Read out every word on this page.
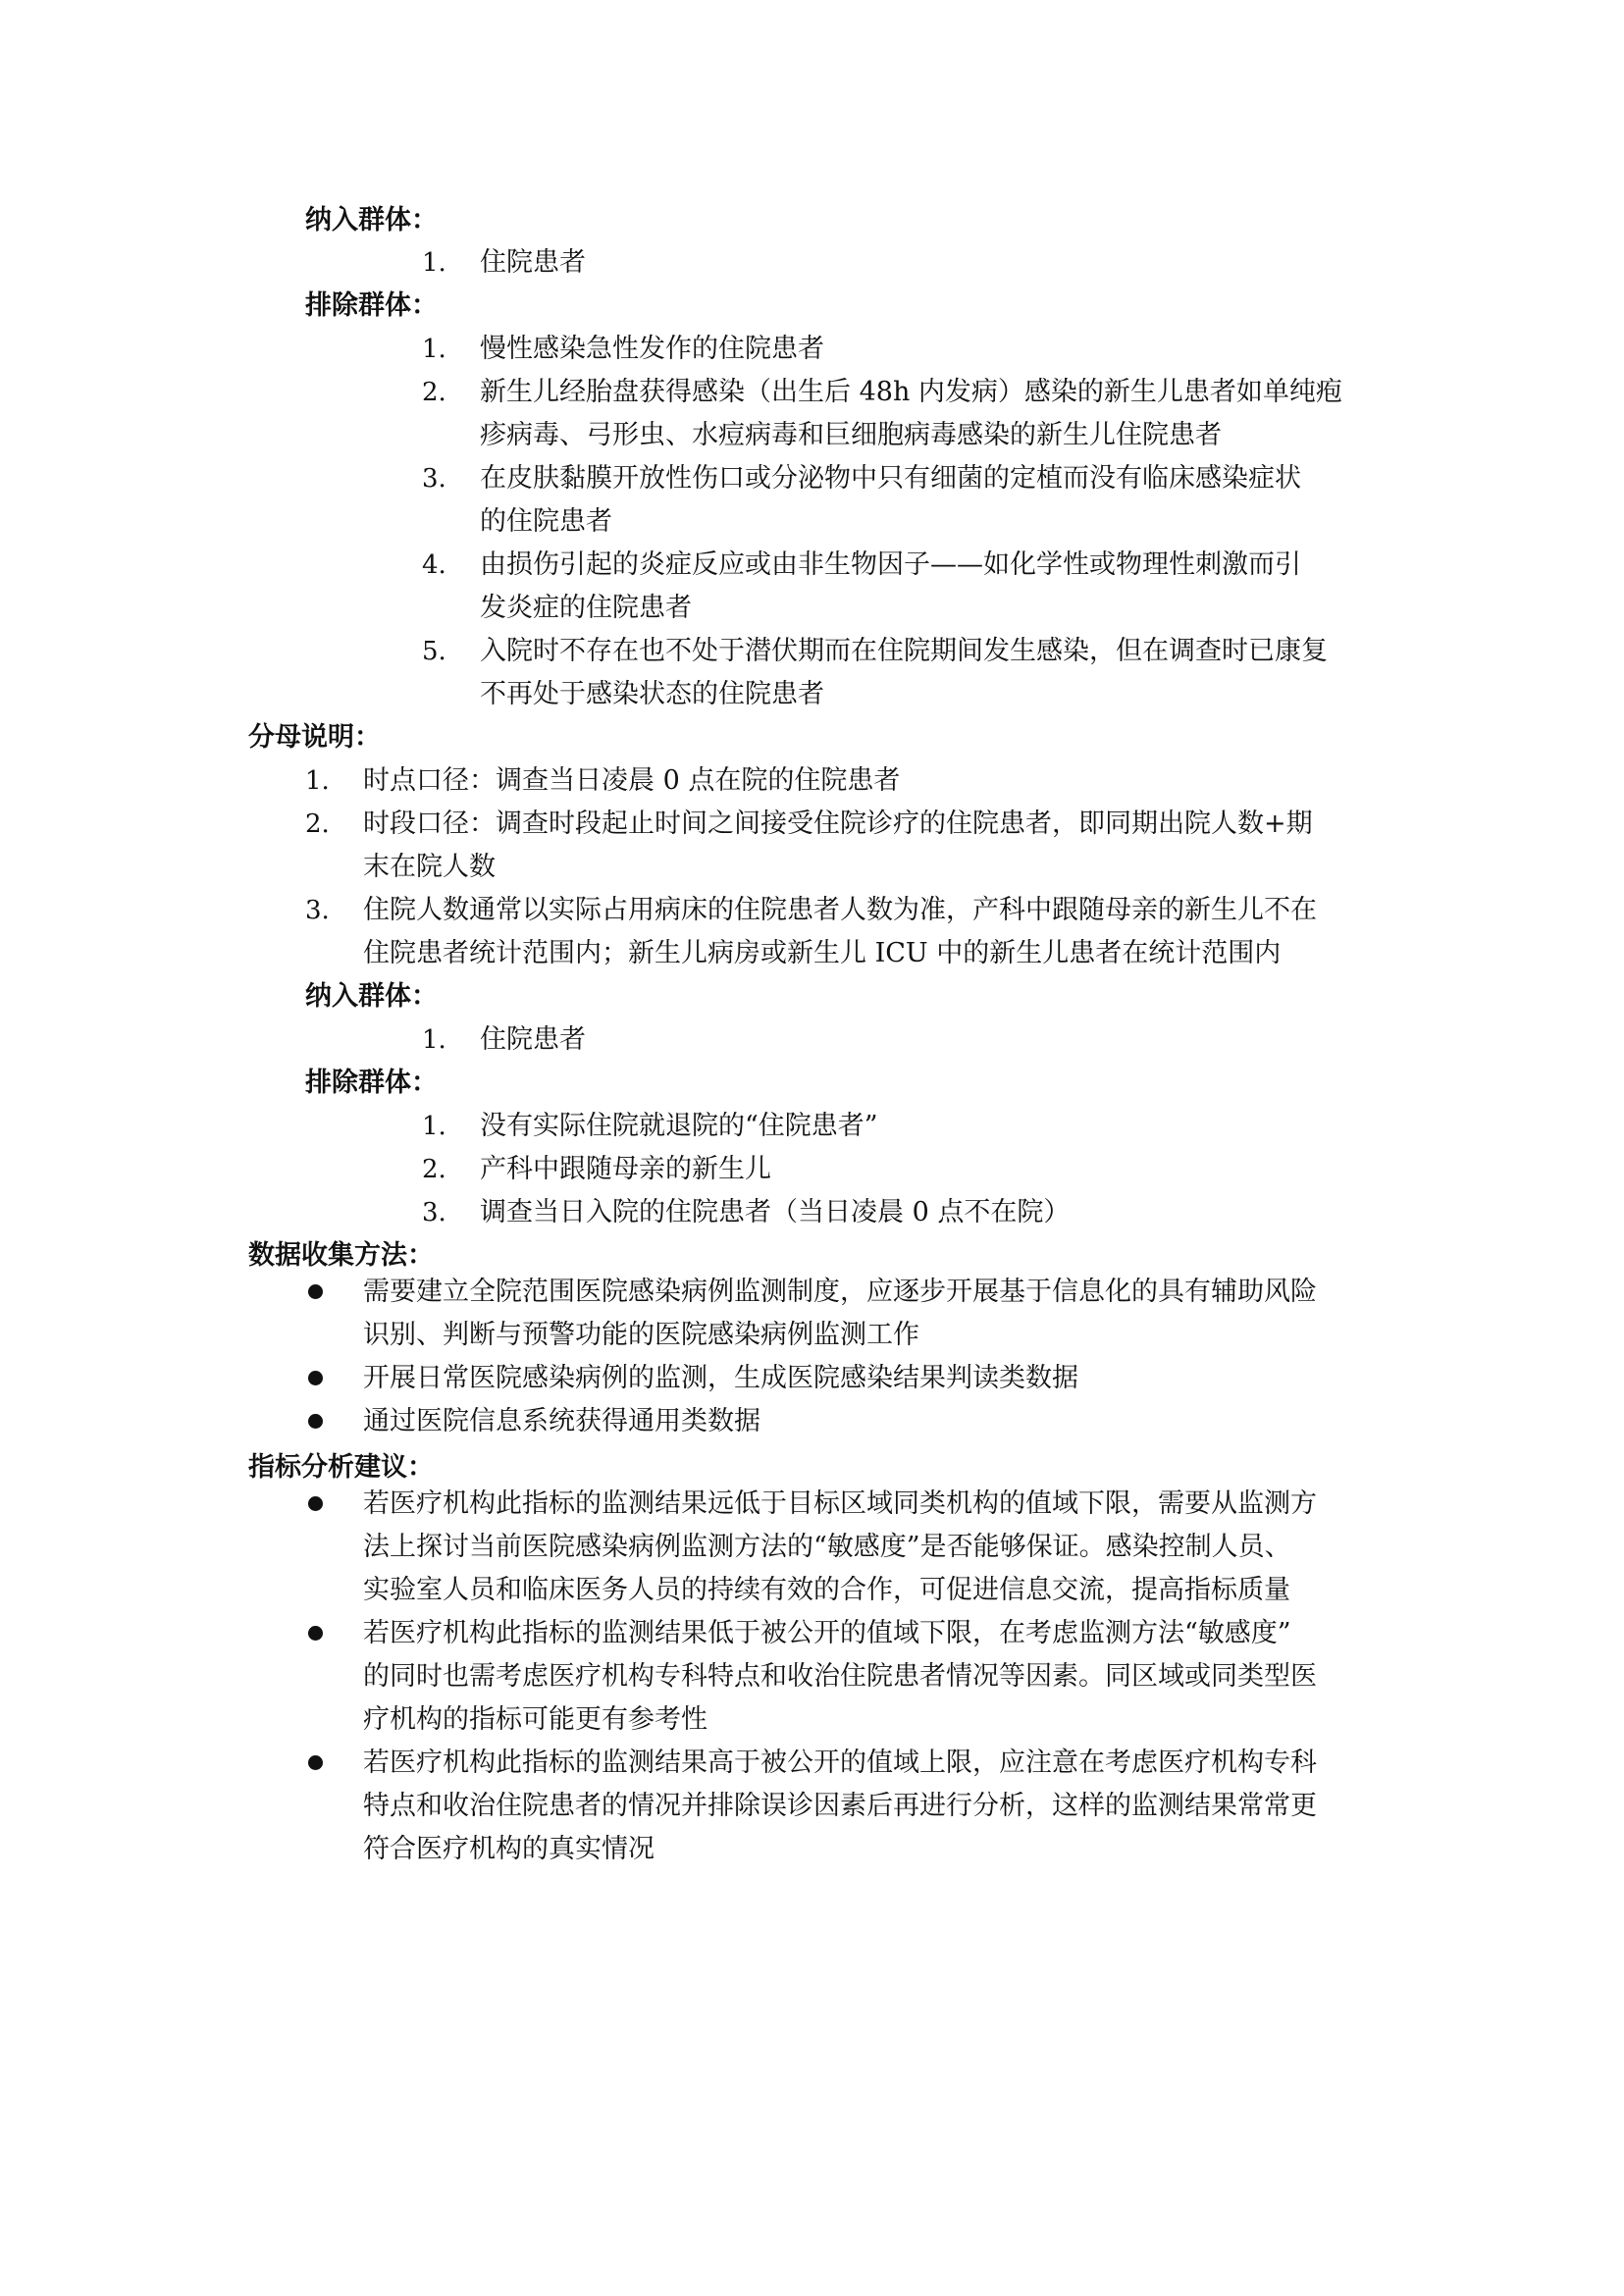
纳入群体：
1. 住院患者
排除群体：
1. 慢性感染急性发作的住院患者
2. 新生儿经胎盘获得感染（出生后 48h 内发病）感染的新生儿患者如单纯疱
疹病毒、弓形虫、水痘病毒和巨细胞病毒感染的新生儿住院患者
3. 在皮肤黏膜开放性伤口或分泌物中只有细菌的定植而没有临床感染症状
的住院患者
4. 由损伤引起的炎症反应或由非生物因子——如化学性或物理性刺激而引
发炎症的住院患者
5. 入院时不存在也不处于潜伏期而在住院期间发生感染，但在调查时已康复
不再处于感染状态的住院患者
分母说明：
1. 时点口径：调查当日凌晨 0 点在院的住院患者
2. 时段口径：调查时段起止时间之间接受住院诊疗的住院患者，即同期出院人数+期
末在院人数
3. 住院人数通常以实际占用病床的住院患者人数为准，产科中跟随母亲的新生儿不在
住院患者统计范围内；新生儿病房或新生儿 ICU 中的新生儿患者在统计范围内
纳入群体：
1. 住院患者
排除群体：
1. 没有实际住院就退院的“住院患者”
2. 产科中跟随母亲的新生儿
3. 调查当日入院的住院患者（当日凌晨 0 点不在院）
数据收集方法：
需要建立全院范围医院感染病例监测制度，应逐步开展基于信息化的具有辅助风险
识别、判断与预警功能的医院感染病例监测工作
开展日常医院感染病例的监测，生成医院感染结果判读类数据
通过医院信息系统获得通用类数据
指标分析建议：
若医疗机构此指标的监测结果远低于目标区域同类机构的值域下限，需要从监测方
法上探讨当前医院感染病例监测方法的“敏感度”是否能够保证。感染控制人员、
实验室人员和临床医务人员的持续有效的合作，可促进信息交流，提高指标质量
若医疗机构此指标的监测结果低于被公开的值域下限，在考虑监测方法“敏感度”
的同时也需考虑医疗机构专科特点和收治住院患者情况等因素。同区域或同类型医
疗机构的指标可能更有参考性
若医疗机构此指标的监测结果高于被公开的值域上限，应注意在考虑医疗机构专科
特点和收治住院患者的情况并排除误诊因素后再进行分析，这样的监测结果常常更
符合医疗机构的真实情况
